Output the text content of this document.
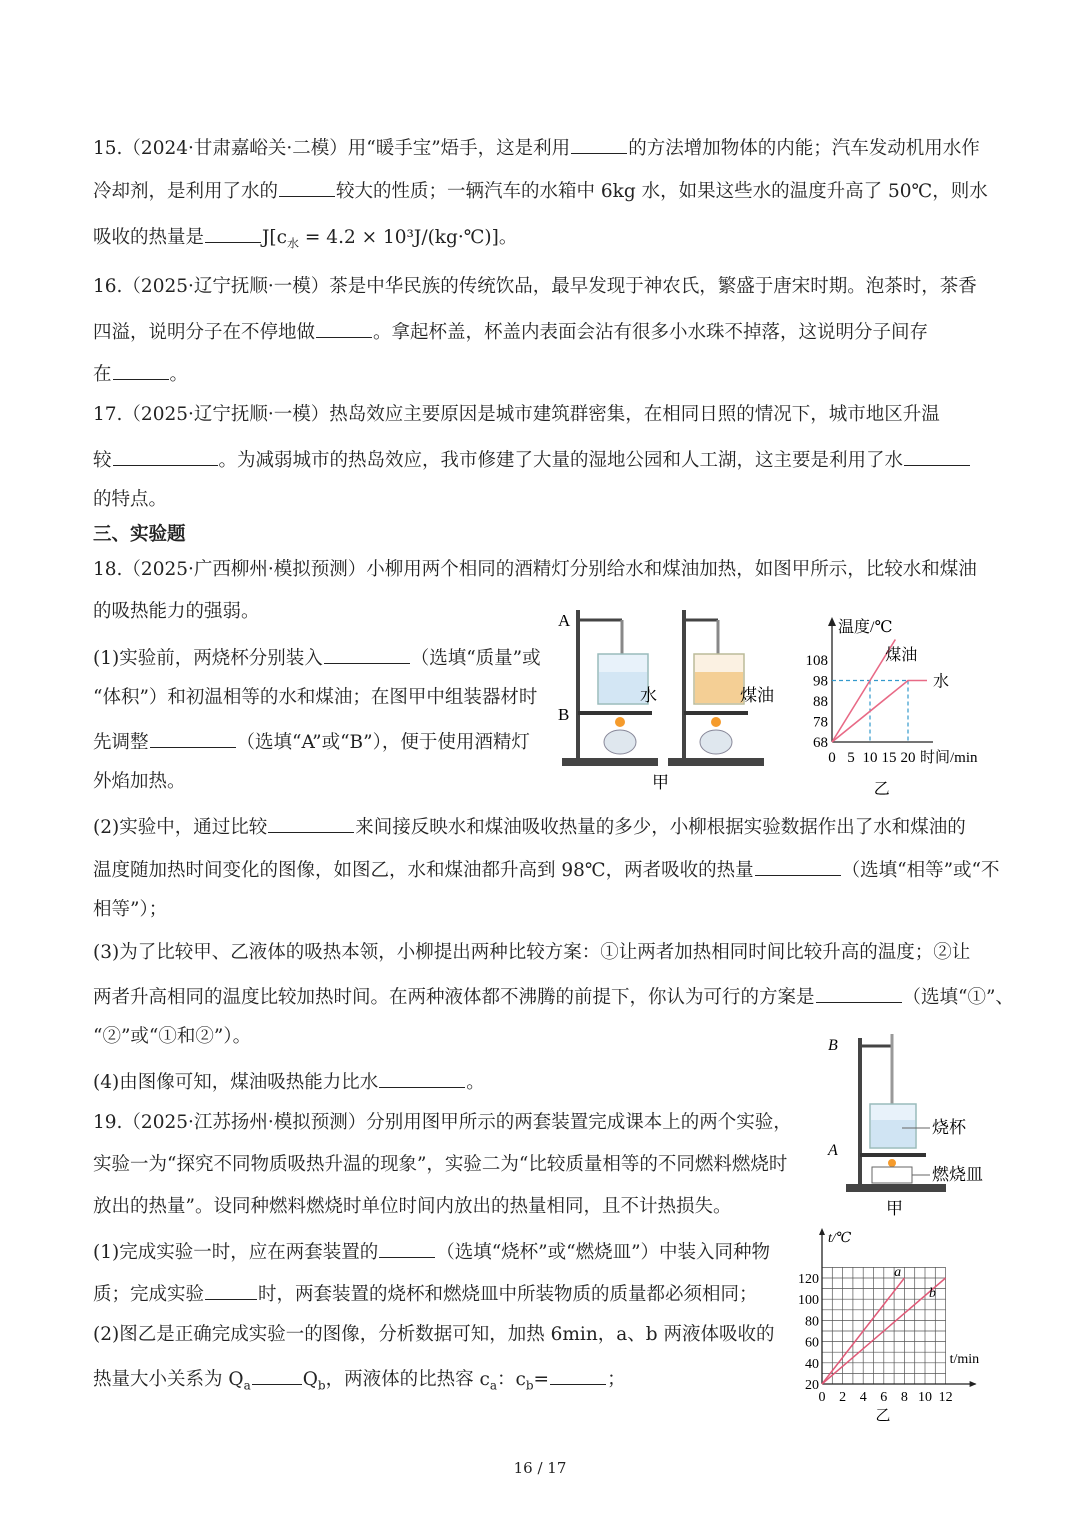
15.（2024·甘肃嘉峪关·二模）用“暖手宝”焐手，这是利用	的方法增加物体的内能；汽车发动机用水作
冷却剂，是利用了水的	较大的性质；一辆汽车的水箱中 6kg 水，如果这些水的温度升高了 50℃，则水
吸收的热量是	$J[c_水 = 4.2$ × 10³J/(kg·℃)]。
16.（2025·辽宁抚顺·一模）茶是中华民族的传统饮品，最早发现于神农氏，繁盛于唐宋时期。泡茶时，茶香
四溢，说明分子在不停地做	。拿起杯盖，杯盖内表面会沾有很多小水珠不掉落，这说明分子间存
在	。
17.（2025·辽宁抚顺·一模）热岛效应主要原因是城市建筑群密集，在相同日照的情况下，城市地区升温
较	。为减弱城市的热岛效应，我市修建了大量的湿地公园和人工湖，这主要是利用了水
的特点。
三、实验题
18.（2025·广西柳州·模拟预测）小柳用两个相同的酒精灯分别给水和煤油加热，如图甲所示，比较水和煤油
的吸热能力的强弱。
(1)实验前，两烧杯分别装入	（选填“质量”或
“体积”）和初温相等的水和煤油；在图甲中组装器材时
先调整	（选填“A”或“B”），便于使用酒精灯
外焰加热。
(2)实验中，通过比较	来间接反映水和煤油吸收热量的多少，小柳根据实验数据作出了水和煤油的
温度随加热时间变化的图像，如图乙，水和煤油都升高到 98℃，两者吸收的热量	（选填“相等”或“不
相等”）；
(3)为了比较甲、乙液体的吸热本领，小柳提出两种比较方案：①让两者加热相同时间比较升高的温度；②让
两者升高相同的温度比较加热时间。在两种液体都不沸腾的前提下，你认为可行的方案是	（选填“①”、
“②”或“①和②”）。
(4)由图像可知，煤油吸热能力比水	。
19.（2025·江苏扬州·模拟预测）分别用图甲所示的两套装置完成课本上的两个实验，
实验一为“探究不同物质吸热升温的现象”，实验二为“比较质量相等的不同燃料燃烧时
放出的热量”。设同种燃料燃烧时单位时间内放出的热量相同，且不计热损失。
(1)完成实验一时，应在两套装置的	（选填“烧杯”或“燃烧皿”）中装入同种物
质；完成实验	时，两套装置的烧杯和燃烧皿中所装物质的质量都必须相同；
(2)图乙是正确完成实验一的图像，分析数据可知，加热 6min，a、b 两液体吸收的
热量大小关系为 $Q_a$	$Q_b$，两液体的比热容 $c_a$：$c_b=$	；
A
B
水	煤油
甲
温度/℃
108
98
88
78
68
0 5 10 15 20 时间/min
煤油
水
乙
B
A
烧杯
燃烧皿
甲
t/℃
t/min
120
100
80
60
40
20
0 2 4 6 8 10 12
a
b
乙
16 / 17
